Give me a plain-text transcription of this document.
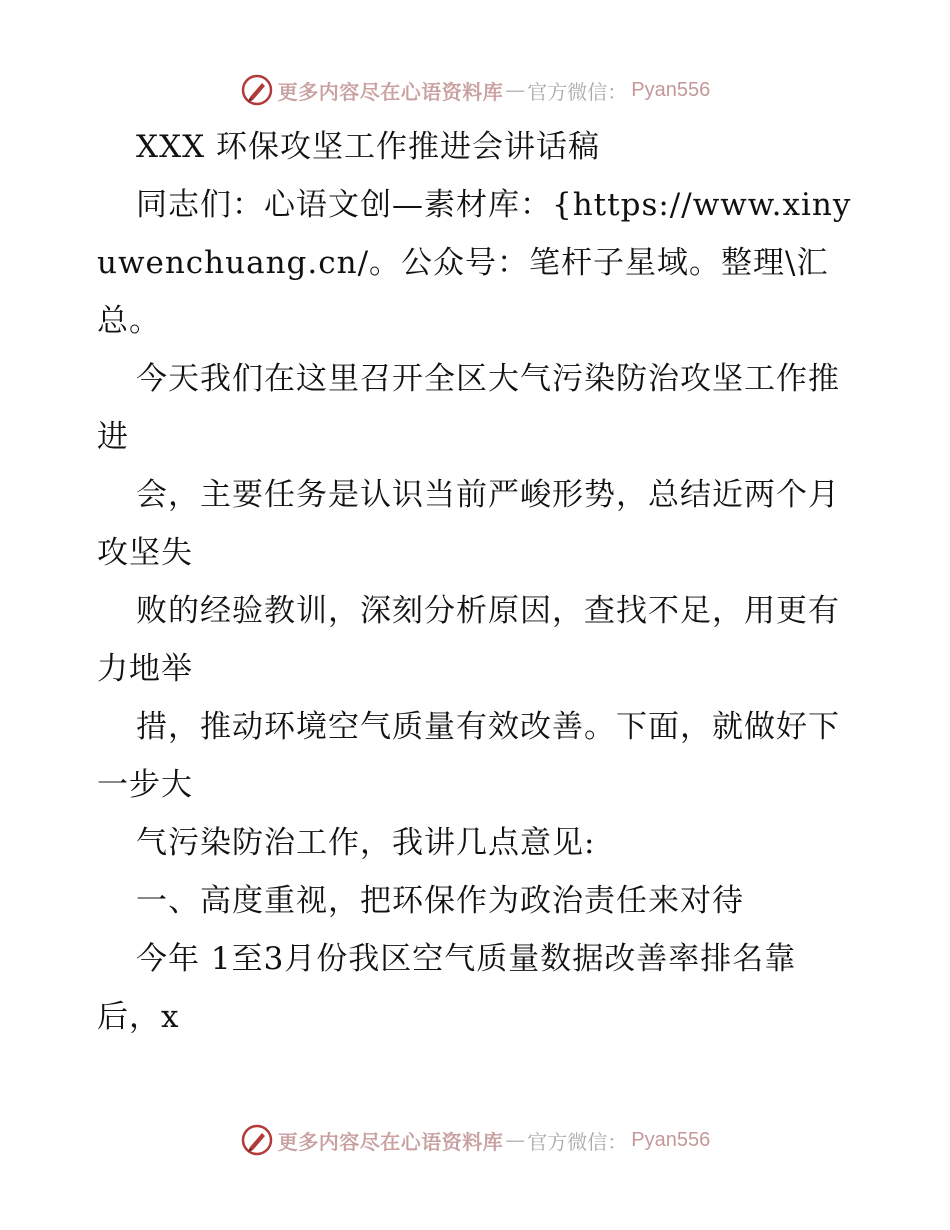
更多内容尽在心语资料库 — 官方微信： Pyan556

XXX 环保攻坚工作推进会讲话稿

同志们：心语文创—素材库：{https://www.xinyuwenchuang.cn/。公众号：笔杆子星域。整理\汇总。

今天我们在这里召开全区大气污染防治攻坚工作推进

会，主要任务是认识当前严峻形势，总结近两个月攻坚失

败的经验教训，深刻分析原因，查找不足，用更有力地举

措，推动环境空气质量有效改善。下面，就做好下一步大

气污染防治工作，我讲几点意见:

一、高度重视，把环保作为政治责任来对待

今年 1至3月份我区空气质量数据改善率排名靠后，x

更多内容尽在心语资料库 — 官方微信： Pyan556
